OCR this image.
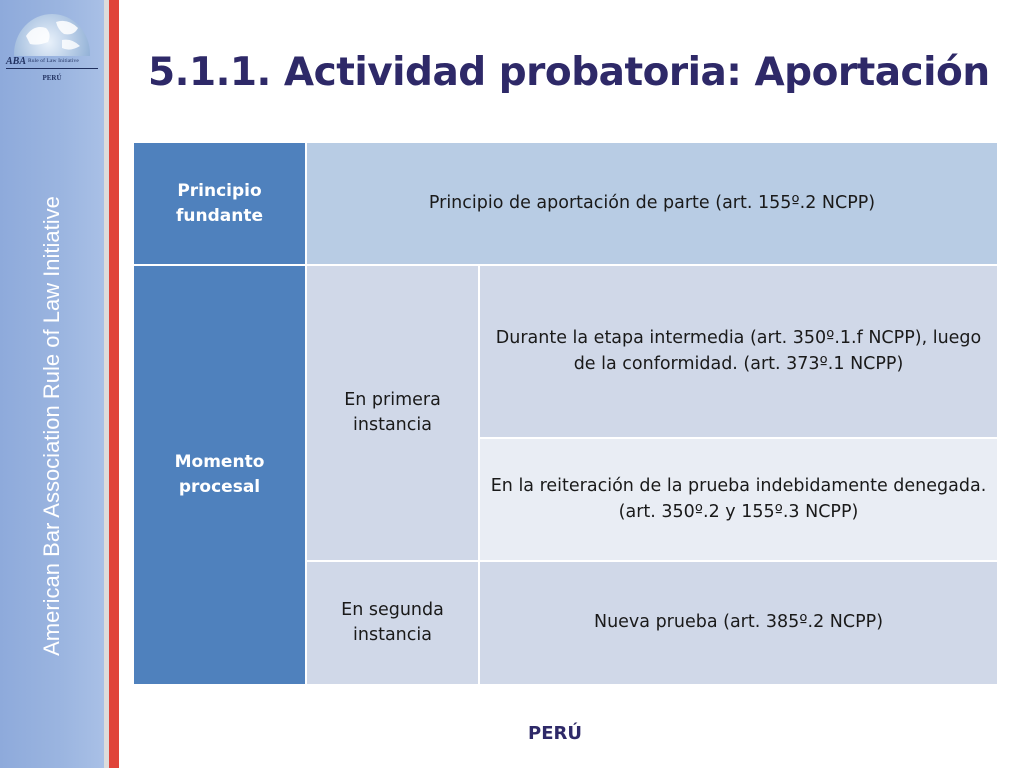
ABA Rule of Law Initiative
PERÚ
American Bar Association Rule of Law Initiative
5.1.1. Actividad probatoria: Aportación
Principio fundante	Principio de aportación de parte (art. 155º.2 NCPP)	
Momento procesal	En primera instancia	Durante la etapa intermedia (art. 350º.1.f NCPP), luego de la conformidad. (art. 373º.1 NCPP)
		En la reiteración de la prueba indebidamente denegada. (art. 350º.2 y 155º.3 NCPP)
	En segunda instancia	Nueva prueba (art. 385º.2 NCPP)
PERÚ
